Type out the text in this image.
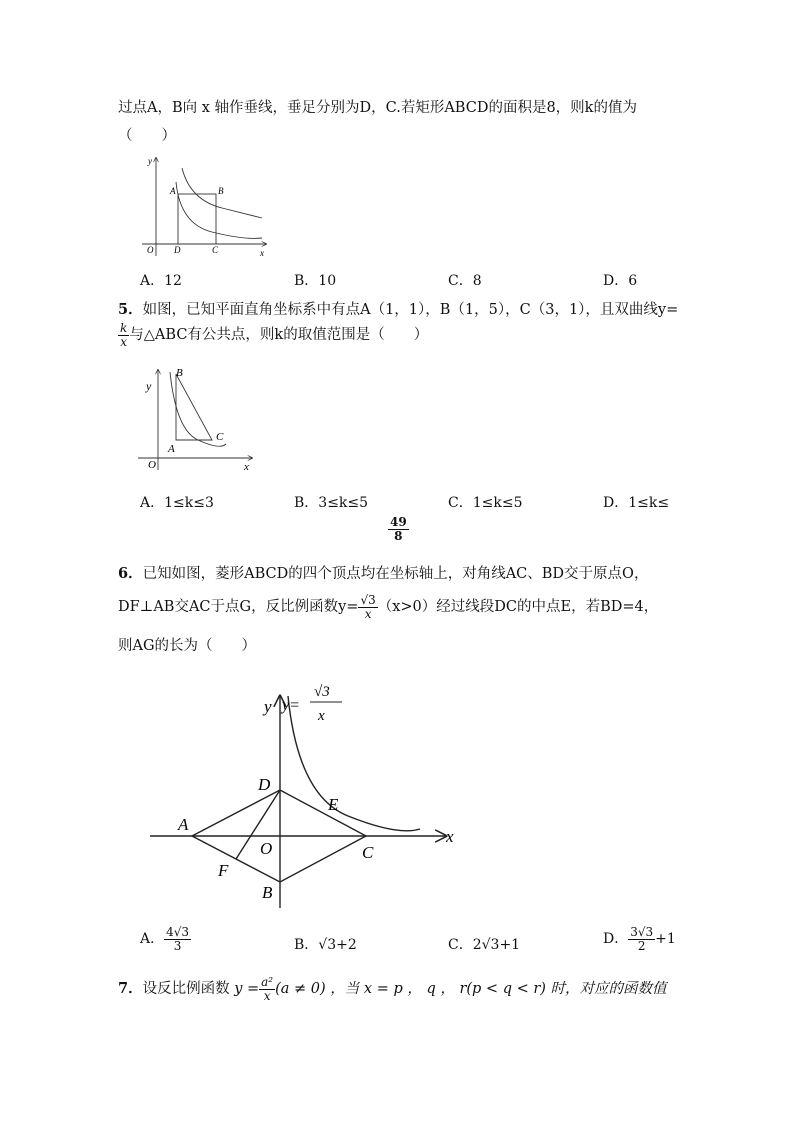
过点A，B向 x 轴作垂线，垂足分别为D，C.若矩形ABCD的面积是8，则k的值为
（　　）
y
x
O
A	B
D	C
A．12	B．10	C．8	D．6
5．如图，已知平面直角坐标系中有点A（1，1），B（1，5），C（3，1），且双曲线y=
$\frac{k}{x}$ 与△ABC有公共点，则k的取值范围是（　　）
y
x
O
B
A
C
A．1≤k≤3	B．3≤k≤5	C．1≤k≤5	D．1≤k≤
$\frac{49}{8}$
6．已知如图，菱形ABCD的四个顶点均在坐标轴上，对角线AC、BD交于原点O，
DF⊥AB交AC于点G，反比例函数$y= \frac{√3}{x} (x>0)$经过线段DC的中点E，若BD=4，
则AG的长为（　　）
y y=
√3
x
x
O
A
B
C
D
E
F
A． $\frac{4√3}{3}$	B．√3+2	C．2√3+1	D． $\frac{3√3}{2} +1$
7．设反比例函数 $y = \frac{\text{a²}}{x} (a \ne 0)$ ，当 x = p ， q ， r(p < q < r) 时，对应的函数值
